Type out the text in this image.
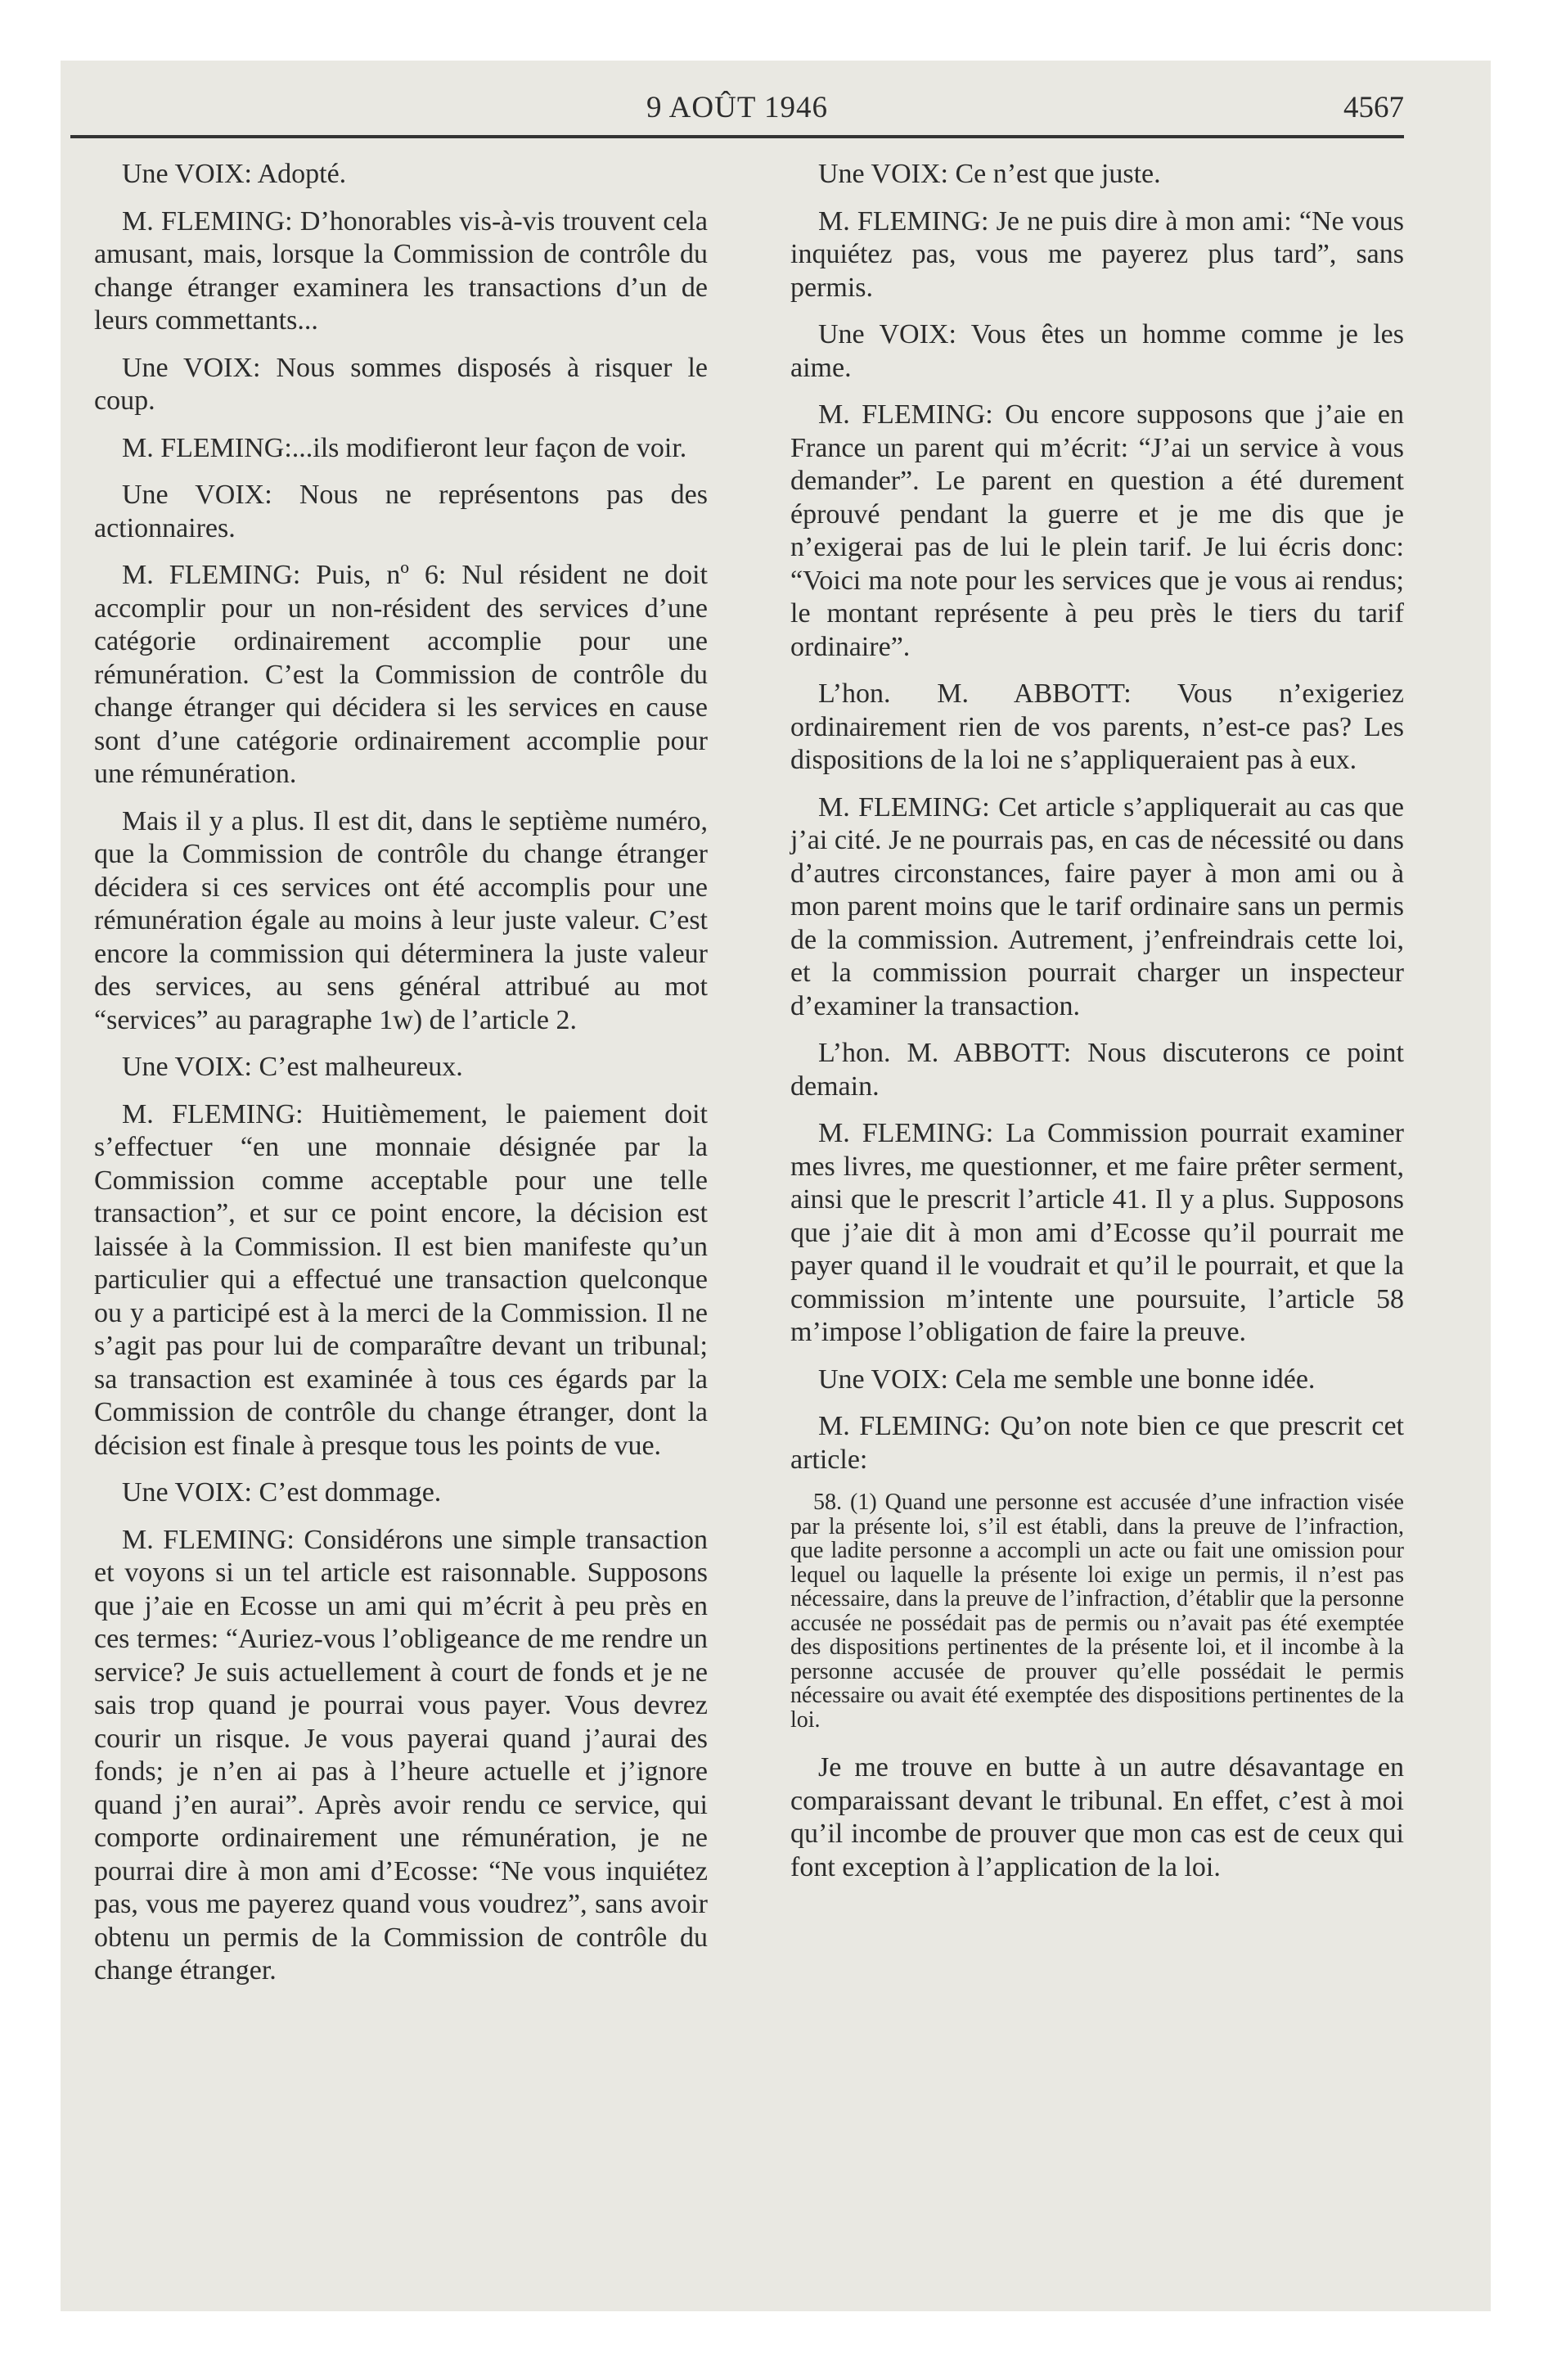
9 AOÛT 1946	4567

Une VOIX: Adopté.

M. FLEMING: D’honorables vis-à-vis trouvent cela amusant, mais, lorsque la Commission de contrôle du change étranger examinera les transactions d’un de leurs commettants...

Une VOIX: Nous sommes disposés à risquer le coup.

M. FLEMING:...ils modifieront leur façon de voir.

Une VOIX: Nous ne représentons pas des actionnaires.

M. FLEMING: Puis, nº 6: Nul résident ne doit accomplir pour un non-résident des services d’une catégorie ordinairement accomplie pour une rémunération. C’est la Commission de contrôle du change étranger qui décidera si les services en cause sont d’une catégorie ordinairement accomplie pour une rémunération.

Mais il y a plus. Il est dit, dans le septième numéro, que la Commission de contrôle du change étranger décidera si ces services ont été accomplis pour une rémunération égale au moins à leur juste valeur. C’est encore la commission qui déterminera la juste valeur des services, au sens général attribué au mot “services” au paragraphe 1w) de l’article 2.

Une VOIX: C’est malheureux.

M. FLEMING: Huitièmement, le paiement doit s’effectuer “en une monnaie désignée par la Commission comme acceptable pour une telle transaction”, et sur ce point encore, la décision est laissée à la Commission. Il est bien manifeste qu’un particulier qui a effectué une transaction quelconque ou y a participé est à la merci de la Commission. Il ne s’agit pas pour lui de comparaître devant un tribunal; sa transaction est examinée à tous ces égards par la Commission de contrôle du change étranger, dont la décision est finale à presque tous les points de vue.

Une VOIX: C’est dommage.

M. FLEMING: Considérons une simple transaction et voyons si un tel article est raisonnable. Supposons que j’aie en Ecosse un ami qui m’écrit à peu près en ces termes: “Auriez-vous l’obligeance de me rendre un service? Je suis actuellement à court de fonds et je ne sais trop quand je pourrai vous payer. Vous devrez courir un risque. Je vous payerai quand j’aurai des fonds; je n’en ai pas à l’heure actuelle et j’ignore quand j’en aurai”. Après avoir rendu ce service, qui comporte ordinairement une rémunération, je ne pourrai dire à mon ami d’Ecosse: “Ne vous inquiétez pas, vous me payerez quand vous voudrez”, sans avoir obtenu un permis de la Commission de contrôle du change étranger.

Une VOIX: Ce n’est que juste.

M. FLEMING: Je ne puis dire à mon ami: “Ne vous inquiétez pas, vous me payerez plus tard”, sans permis.

Une VOIX: Vous êtes un homme comme je les aime.

M. FLEMING: Ou encore supposons que j’aie en France un parent qui m’écrit: “J’ai un service à vous demander”. Le parent en question a été durement éprouvé pendant la guerre et je me dis que je n’exigerai pas de lui le plein tarif. Je lui écris donc: “Voici ma note pour les services que je vous ai rendus; le montant représente à peu près le tiers du tarif ordinaire”.

L’hon. M. ABBOTT: Vous n’exigeriez ordinairement rien de vos parents, n’est-ce pas? Les dispositions de la loi ne s’appliqueraient pas à eux.

M. FLEMING: Cet article s’appliquerait au cas que j’ai cité. Je ne pourrais pas, en cas de nécessité ou dans d’autres circonstances, faire payer à mon ami ou à mon parent moins que le tarif ordinaire sans un permis de la commission. Autrement, j’enfreindrais cette loi, et la commission pourrait charger un inspecteur d’examiner la transaction.

L’hon. M. ABBOTT: Nous discuterons ce point demain.

M. FLEMING: La Commission pourrait examiner mes livres, me questionner, et me faire prêter serment, ainsi que le prescrit l’article 41. Il y a plus. Supposons que j’aie dit à mon ami d’Ecosse qu’il pourrait me payer quand il le voudrait et qu’il le pourrait, et que la commission m’intente une poursuite, l’article 58 m’impose l’obligation de faire la preuve.

Une VOIX: Cela me semble une bonne idée.

M. FLEMING: Qu’on note bien ce que prescrit cet article:

58. (1) Quand une personne est accusée d’une infraction visée par la présente loi, s’il est établi, dans la preuve de l’infraction, que ladite personne a accompli un acte ou fait une omission pour lequel ou laquelle la présente loi exige un permis, il n’est pas nécessaire, dans la preuve de l’infraction, d’établir que la personne accusée ne possédait pas de permis ou n’avait pas été exemptée des dispositions pertinentes de la présente loi, et il incombe à la personne accusée de prouver qu’elle possédait le permis nécessaire ou avait été exemptée des dispositions pertinentes de la loi.

Je me trouve en butte à un autre désavantage en comparaissant devant le tribunal. En effet, c’est à moi qu’il incombe de prouver que mon cas est de ceux qui font exception à l’application de la loi.
